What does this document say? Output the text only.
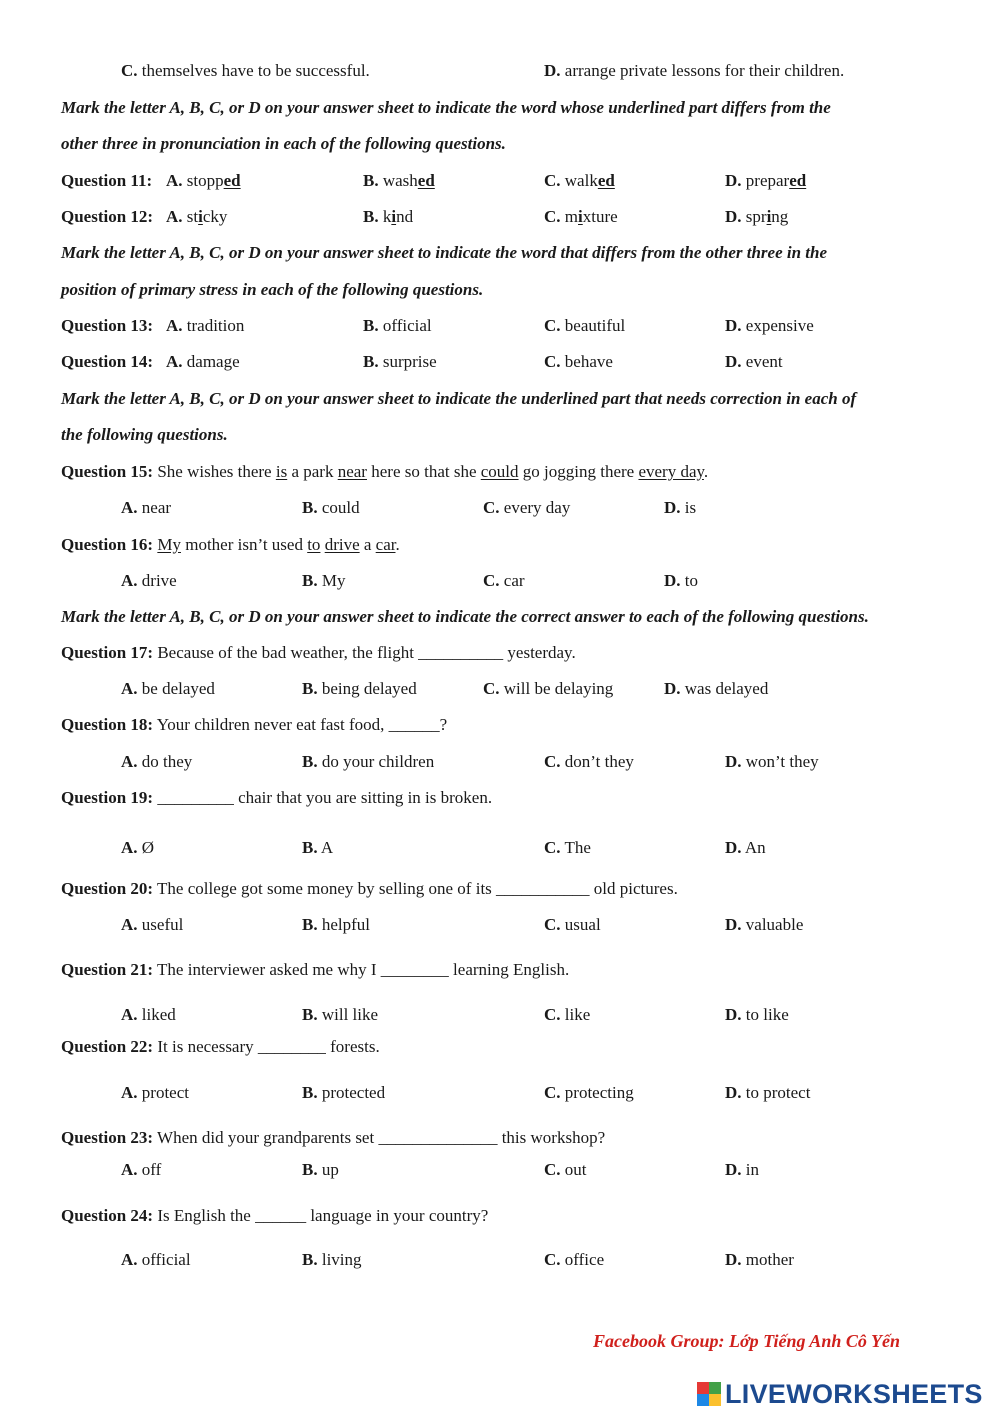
C. themselves have to be successful.	D. arrange private lessons for their children.
Mark the letter A, B, C, or D on your answer sheet to indicate the word whose underlined part differs from the
other three in pronunciation in each of the following questions.
Question 11: A. stopped	B. washed	C. walked	D. prepared
Question 12: A. sticky	B. kind	C. mixture	D. spring
Mark the letter A, B, C, or D on your answer sheet to indicate the word that differs from the other three in the
position of primary stress in each of the following questions.
Question 13: A. tradition	B. official	C. beautiful	D. expensive
Question 14: A. damage	B. surprise	C. behave	D. event
Mark the letter A, B, C, or D on your answer sheet to indicate the underlined part that needs correction in each of
the following questions.
Question 15: She wishes there is a park near here so that she could go jogging there every day.
A. near	B. could	C. every day	D. is
Question 16: My mother isn’t used to drive a car.
A. drive	B. My	C. car	D. to
Mark the letter A, B, C, or D on your answer sheet to indicate the correct answer to each of the following questions.
Question 17: Because of the bad weather, the flight __________ yesterday.
A. be delayed	B. being delayed	C. will be delaying	D. was delayed
Question 18: Your children never eat fast food, ______?
A. do they	B. do your children	C. don’t they	D. won’t they
Question 19: _________ chair that you are sitting in is broken.
A. Ø	B. A	C. The	D. An
Question 20: The college got some money by selling one of its ___________ old pictures.
A. useful	B. helpful	C. usual	D. valuable
Question 21: The interviewer asked me why I ________ learning English.
A. liked	B. will like	C. like	D. to like
Question 22: It is necessary ________ forests.
A. protect	B. protected	C. protecting	D. to protect
Question 23: When did your grandparents set ______________ this workshop?
A. off	B. up	C. out	D. in
Question 24: Is English the ______ language in your country?
A. official	B. living	C. office	D. mother
Facebook Group: Lớp Tiếng Anh Cô Yến
LIVEWORKSHEETS
